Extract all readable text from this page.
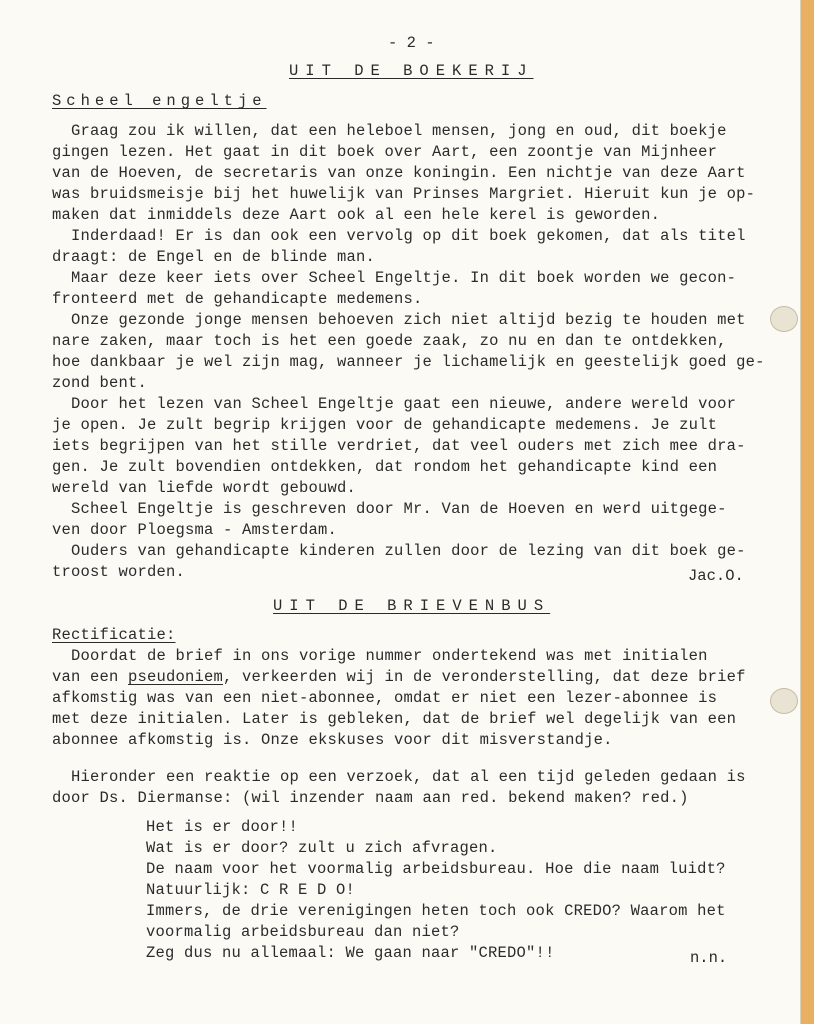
- 2 -
UIT DE BOEKERIJ
Scheel engeltje
Graag zou ik willen, dat een heleboel mensen, jong en oud, dit boekje
gingen lezen. Het gaat in dit boek over Aart, een zoontje van Mijnheer
van de Hoeven, de secretaris van onze koningin. Een nichtje van deze Aart
was bruidsmeisje bij het huwelijk van Prinses Margriet. Hieruit kun je op-
maken dat inmiddels deze Aart ook al een hele kerel is geworden.
Inderdaad! Er is dan ook een vervolg op dit boek gekomen, dat als titel
draagt: de Engel en de blinde man.
Maar deze keer iets over Scheel Engeltje. In dit boek worden we gecon-
fronteerd met de gehandicapte medemens.
Onze gezonde jonge mensen behoeven zich niet altijd bezig te houden met
nare zaken, maar toch is het een goede zaak, zo nu en dan te ontdekken,
hoe dankbaar je wel zijn mag, wanneer je lichamelijk en geestelijk goed ge-
zond bent.
Door het lezen van Scheel Engeltje gaat een nieuwe, andere wereld voor
je open. Je zult begrip krijgen voor de gehandicapte medemens. Je zult
iets begrijpen van het stille verdriet, dat veel ouders met zich mee dra-
gen. Je zult bovendien ontdekken, dat rondom het gehandicapte kind een
wereld van liefde wordt gebouwd.
Scheel Engeltje is geschreven door Mr. Van de Hoeven en werd uitgege-
ven door Ploegsma - Amsterdam.
Ouders van gehandicapte kinderen zullen door de lezing van dit boek ge-
troost worden.	Jac.O.
UIT DE BRIEVENBUS
Rectificatie:
Doordat de brief in ons vorige nummer ondertekend was met initialen
van een pseudoniem, verkeerden wij in de veronderstelling, dat deze brief
afkomstig was van een niet-abonnee, omdat er niet een lezer-abonnee is
met deze initialen. Later is gebleken, dat de brief wel degelijk van een
abonnee afkomstig is. Onze ekskuses voor dit misverstandje.
Hieronder een reaktie op een verzoek, dat al een tijd geleden gedaan is
door Ds. Diermanse: (wil inzender naam aan red. bekend maken? red.)
Het is er door!!
Wat is er door? zult u zich afvragen.
De naam voor het voormalig arbeidsbureau. Hoe die naam luidt?
Natuurlijk: C R E D O!
Immers, de drie verenigingen heten toch ook CREDO? Waarom het
voormalig arbeidsbureau dan niet?
Zeg dus nu allemaal: We gaan naar "CREDO"!!	n.n.
